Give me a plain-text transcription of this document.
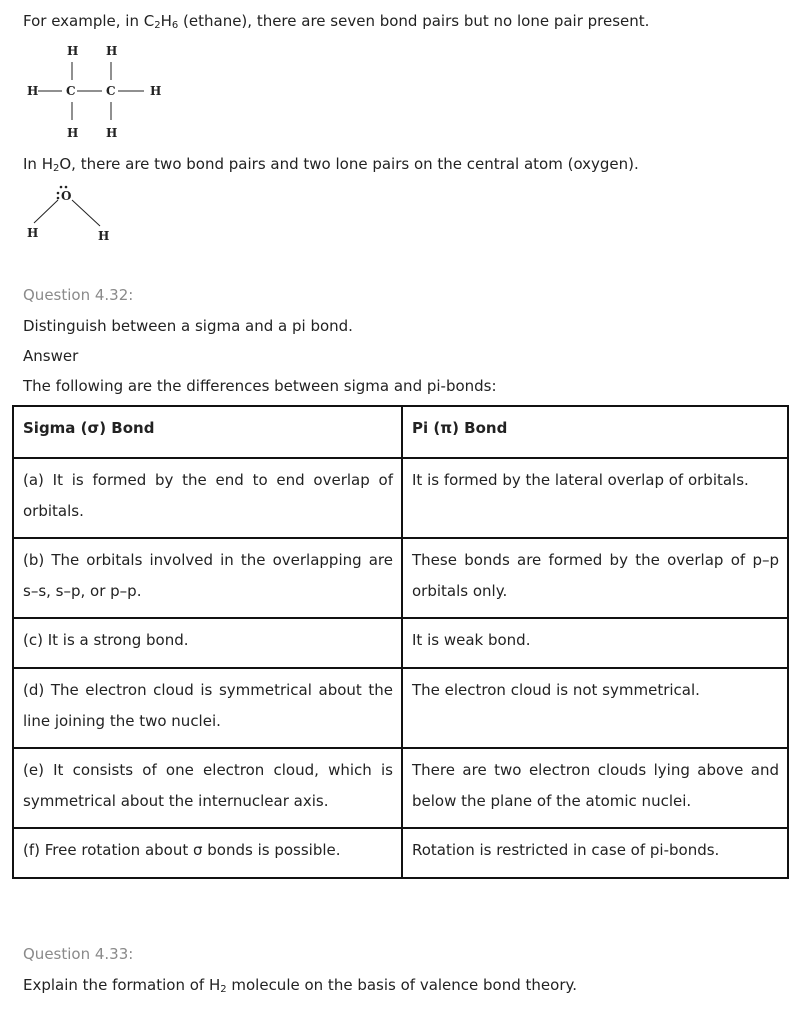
For example, in $C_2H_6$ (ethane), there are seven bond pairs but no lone pair present.
H H
H C	C	H
H H
In $H_2O$, there are two bond pairs and two lone pairs on the central atom (oxygen).
O
H	H
Question 4.32:
Distinguish between a sigma and a pi bond.
Answer
The following are the differences between sigma and pi-bonds:
Sigma (σ) Bond	Pi (π) Bond
(a) It is formed by the end to end overlap of orbitals.	It is formed by the lateral overlap of orbitals.
(b) The orbitals involved in the overlapping are s–s, s–p, or p–p.	These bonds are formed by the overlap of p–p orbitals only.
(c) It is a strong bond.	It is weak bond.
(d) The electron cloud is symmetrical about the line joining the two nuclei.	The electron cloud is not symmetrical.
(e) It consists of one electron cloud, which is symmetrical about the internuclear axis.	There are two electron clouds lying above and below the plane of the atomic nuclei.
(f) Free rotation about σ bonds is possible.	Rotation is restricted in case of pi-bonds.
Question 4.33:
Explain the formation of $H_2$ molecule on the basis of valence bond theory.
